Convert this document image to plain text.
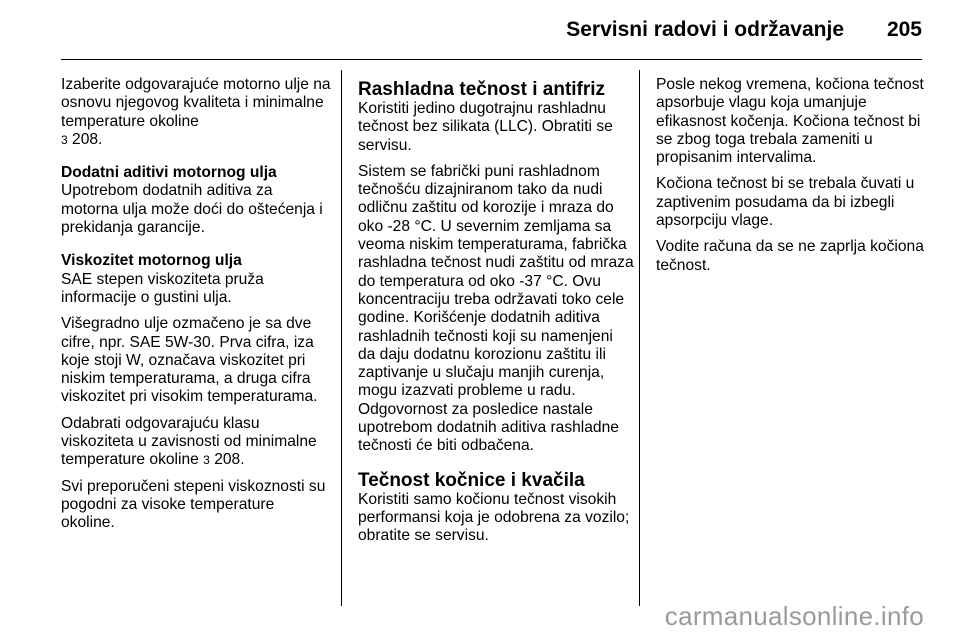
Servisni radovi i održavanje 205

Izaberite odgovarajuće motorno ulje na osnovu njegovog kvaliteta i minimalne temperature okoline
3 208.

Dodatni aditivi motornog ulja

Upotrebom dodatnih aditiva za motorna ulja može doći do oštećenja i prekidanja garancije.

Viskozitet motornog ulja

SAE stepen viskoziteta pruža informacije o gustini ulja.

Višegradno ulje ozmačeno je sa dve cifre, npr. SAE 5W-30. Prva cifra, iza koje stoji W, označava viskozitet pri niskim temperaturama, a druga cifra viskozitet pri visokim temperaturama.

Odabrati odgovarajuću klasu viskoziteta u zavisnosti od minimalne temperature okoline 3 208.

Svi preporučeni stepeni viskoznosti su pogodni za visoke temperature okoline.

Rashladna tečnost i antifriz

Koristiti jedino dugotrajnu rashladnu tečnost bez silikata (LLC). Obratiti se servisu.

Sistem se fabrički puni rashladnom tečnošću dizajniranom tako da nudi odličnu zaštitu od korozije i mraza do oko -28 °C. U severnim zemljama sa veoma niskim temperaturama, fabrička rashladna tečnost nudi zaštitu od mraza do temperatura od oko -37 °C. Ovu koncentraciju treba održavati toko cele godine. Korišćenje dodatnih aditiva rashladnih tečnosti koji su namenjeni da daju dodatnu korozionu zaštitu ili zaptivanje u slučaju manjih curenja, mogu izazvati probleme u radu. Odgovornost za posledice nastale upotrebom dodatnih aditiva rashladne tečnosti će biti odbačena.

Tečnost kočnice i kvačila

Koristiti samo kočionu tečnost visokih performansi koja je odobrena za vozilo; obratite se servisu.

Posle nekog vremena, kočiona tečnost apsorbuje vlagu koja umanjuje efikasnost kočenja. Kočiona tečnost bi se zbog toga trebala zameniti u propisanim intervalima.

Kočiona tečnost bi se trebala čuvati u zaptivenim posudama da bi izbegli apsorpciju vlage.

Vodite računa da se ne zaprlja kočiona tečnost.

carmanualsonline.info
